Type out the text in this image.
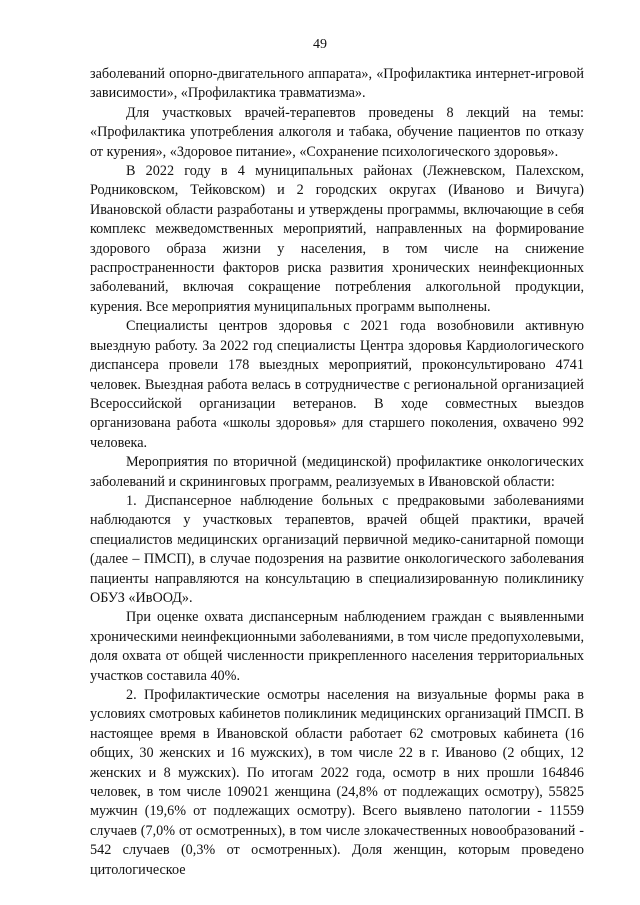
49

заболеваний опорно-двигательного аппарата», «Профилактика интернет-игровой зависимости», «Профилактика травматизма».

Для участковых врачей-терапевтов проведены 8 лекций на темы: «Профилактика употребления алкоголя и табака, обучение пациентов по отказу от курения», «Здоровое питание», «Сохранение психологического здоровья».

В 2022 году в 4 муниципальных районах (Лежневском, Палехском, Родниковском, Тейковском) и 2 городских округах (Иваново и Вичуга) Ивановской области разработаны и утверждены программы, включающие в себя комплекс межведомственных мероприятий, направленных на формирование здорового образа жизни у населения, в том числе на снижение распространенности факторов риска развития хронических неинфекционных заболеваний, включая сокращение потребления алкогольной продукции, курения. Все мероприятия муниципальных программ выполнены.

Специалисты центров здоровья с 2021 года возобновили активную выездную работу. За 2022 год специалисты Центра здоровья Кардиологического диспансера провели 178 выездных мероприятий, проконсультировано 4741 человек. Выездная работа велась в сотрудничестве с региональной организацией Всероссийской организации ветеранов. В ходе совместных выездов организована работа «школы здоровья» для старшего поколения, охвачено 992 человека.

Мероприятия по вторичной (медицинской) профилактике онкологических заболеваний и скрининговых программ, реализуемых в Ивановской области:

1. Диспансерное наблюдение больных с предраковыми заболеваниями наблюдаются у участковых терапевтов, врачей общей практики, врачей специалистов медицинских организаций первичной медико-санитарной помощи (далее – ПМСП), в случае подозрения на развитие онкологического заболевания пациенты направляются на консультацию в специализированную поликлинику ОБУЗ «ИвООД».

При оценке охвата диспансерным наблюдением граждан с выявленными хроническими неинфекционными заболеваниями, в том числе предопухолевыми, доля охвата от общей численности прикрепленного населения территориальных участков составила 40%.

2. Профилактические осмотры населения на визуальные формы рака в условиях смотровых кабинетов поликлиник медицинских организаций ПМСП. В настоящее время в Ивановской области работает 62 смотровых кабинета (16 общих, 30 женских и 16 мужских), в том числе 22 в г. Иваново (2 общих, 12 женских и 8 мужских). По итогам 2022 года, осмотр в них прошли 164846 человек, в том числе 109021 женщина (24,8% от подлежащих осмотру), 55825 мужчин (19,6% от подлежащих осмотру). Всего выявлено патологии - 11559 случаев (7,0% от осмотренных), в том числе злокачественных новообразований - 542 случаев (0,3% от осмотренных). Доля женщин, которым проведено цитологическое
